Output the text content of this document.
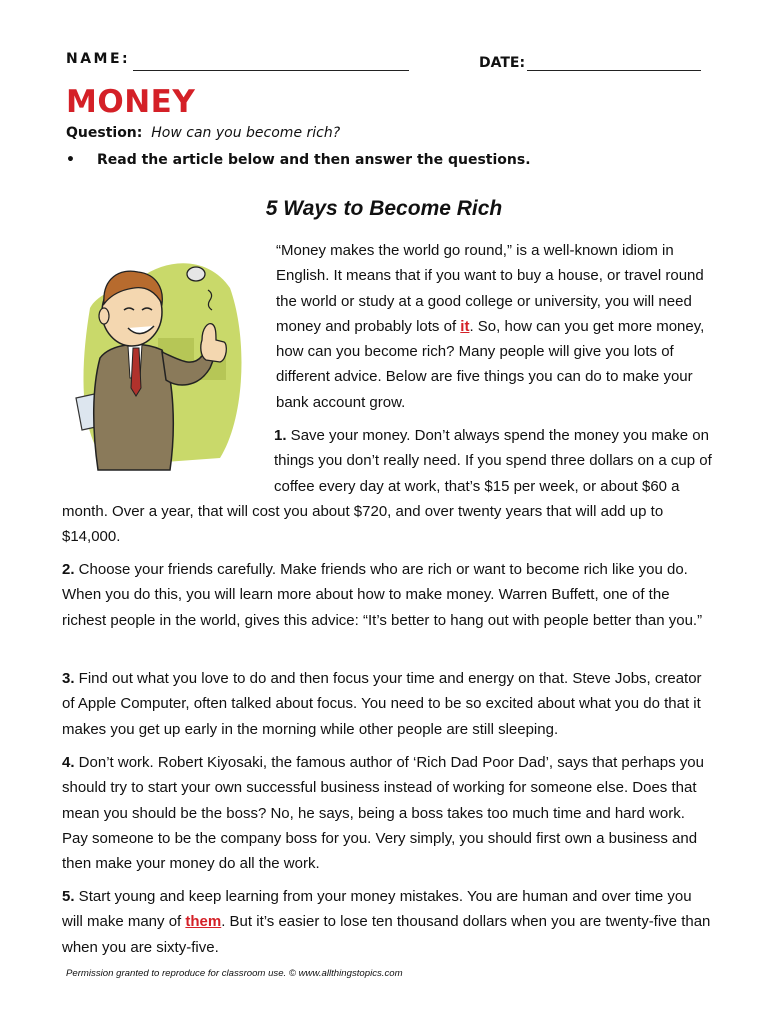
NAME:	DATE:
MONEY
Question: How can you become rich?
• Read the article below and then answer the questions.
5 Ways to Become Rich

“Money makes the world go round,” is a well-known idiom in English. It means that if you want to buy a house, or travel round the world or study at a good college or university, you will need money and probably lots of it. So, how can you get more money, how can you become rich? Many people will give you lots of different advice. Below are five things you can do to make your bank account grow.

1. Save your money. Don’t always spend the money you make on things you don’t really need. If you spend three dollars on a cup of coffee every day at work, that’s $15 per week, or about $60 a month. Over a year, that will cost you about $720, and over twenty years that will add up to $14,000.

2. Choose your friends carefully. Make friends who are rich or want to become rich like you do. When you do this, you will learn more about how to make money. Warren Buffett, one of the richest people in the world, gives this advice: “It’s better to hang out with people better than you.”

3. Find out what you love to do and then focus your time and energy on that. Steve Jobs, creator of Apple Computer, often talked about focus. You need to be so excited about what you do that it makes you get up early in the morning while other people are still sleeping.

4. Don’t work. Robert Kiyosaki, the famous author of ‘Rich Dad Poor Dad’, says that perhaps you should try to start your own successful business instead of working for someone else. Does that mean you should be the boss? No, he says, being a boss takes too much time and hard work. Pay someone to be the company boss for you. Very simply, you should first own a business and then make your money do all the work.

5. Start young and keep learning from your money mistakes. You are human and over time you will make many of them. But it’s easier to lose ten thousand dollars when you are twenty-five than when you are sixty-five.

Permission granted to reproduce for classroom use. © www.allthingstopics.com
